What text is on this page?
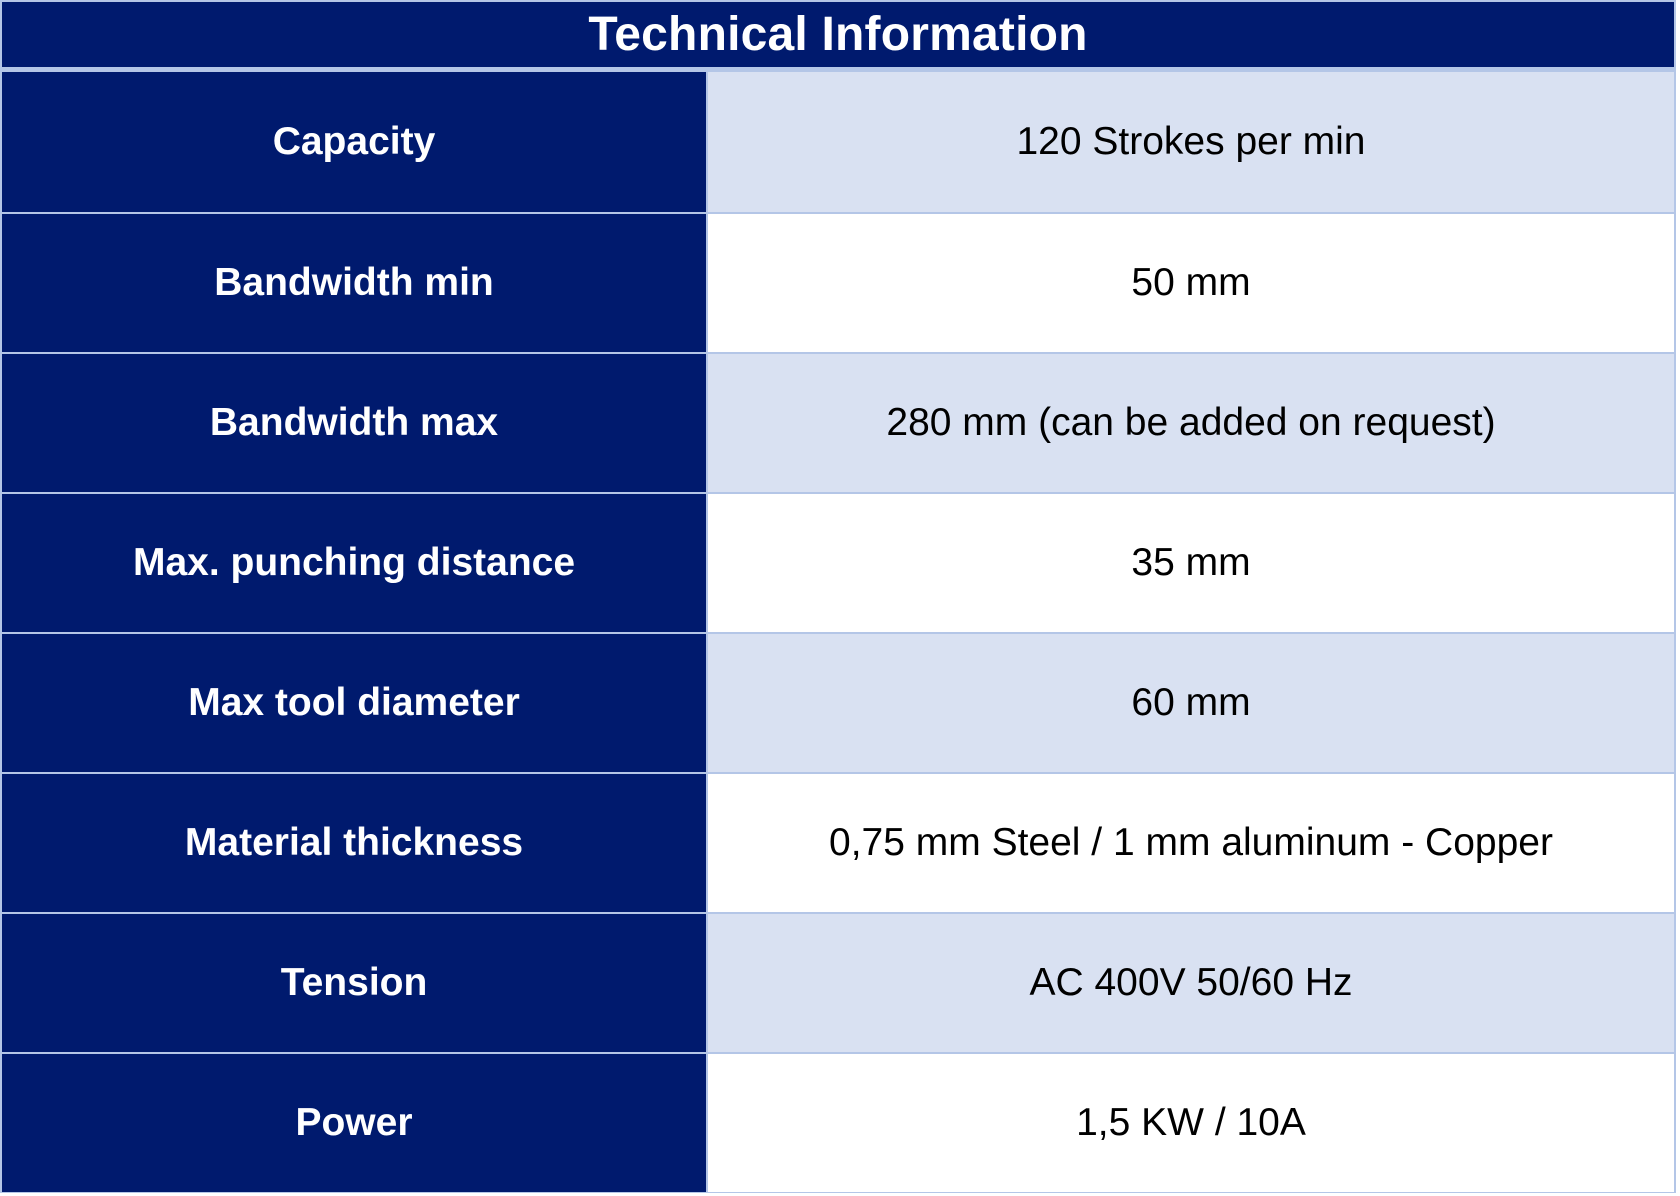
Technical Information
Capacity	120 Strokes per min
Bandwidth min	50 mm
Bandwidth max	280 mm (can be added on request)
Max. punching distance	35 mm
Max tool diameter	60 mm
Material thickness	0,75 mm Steel / 1 mm aluminum - Copper
Tension	AC 400V 50/60 Hz
Power	1,5 KW / 10A
